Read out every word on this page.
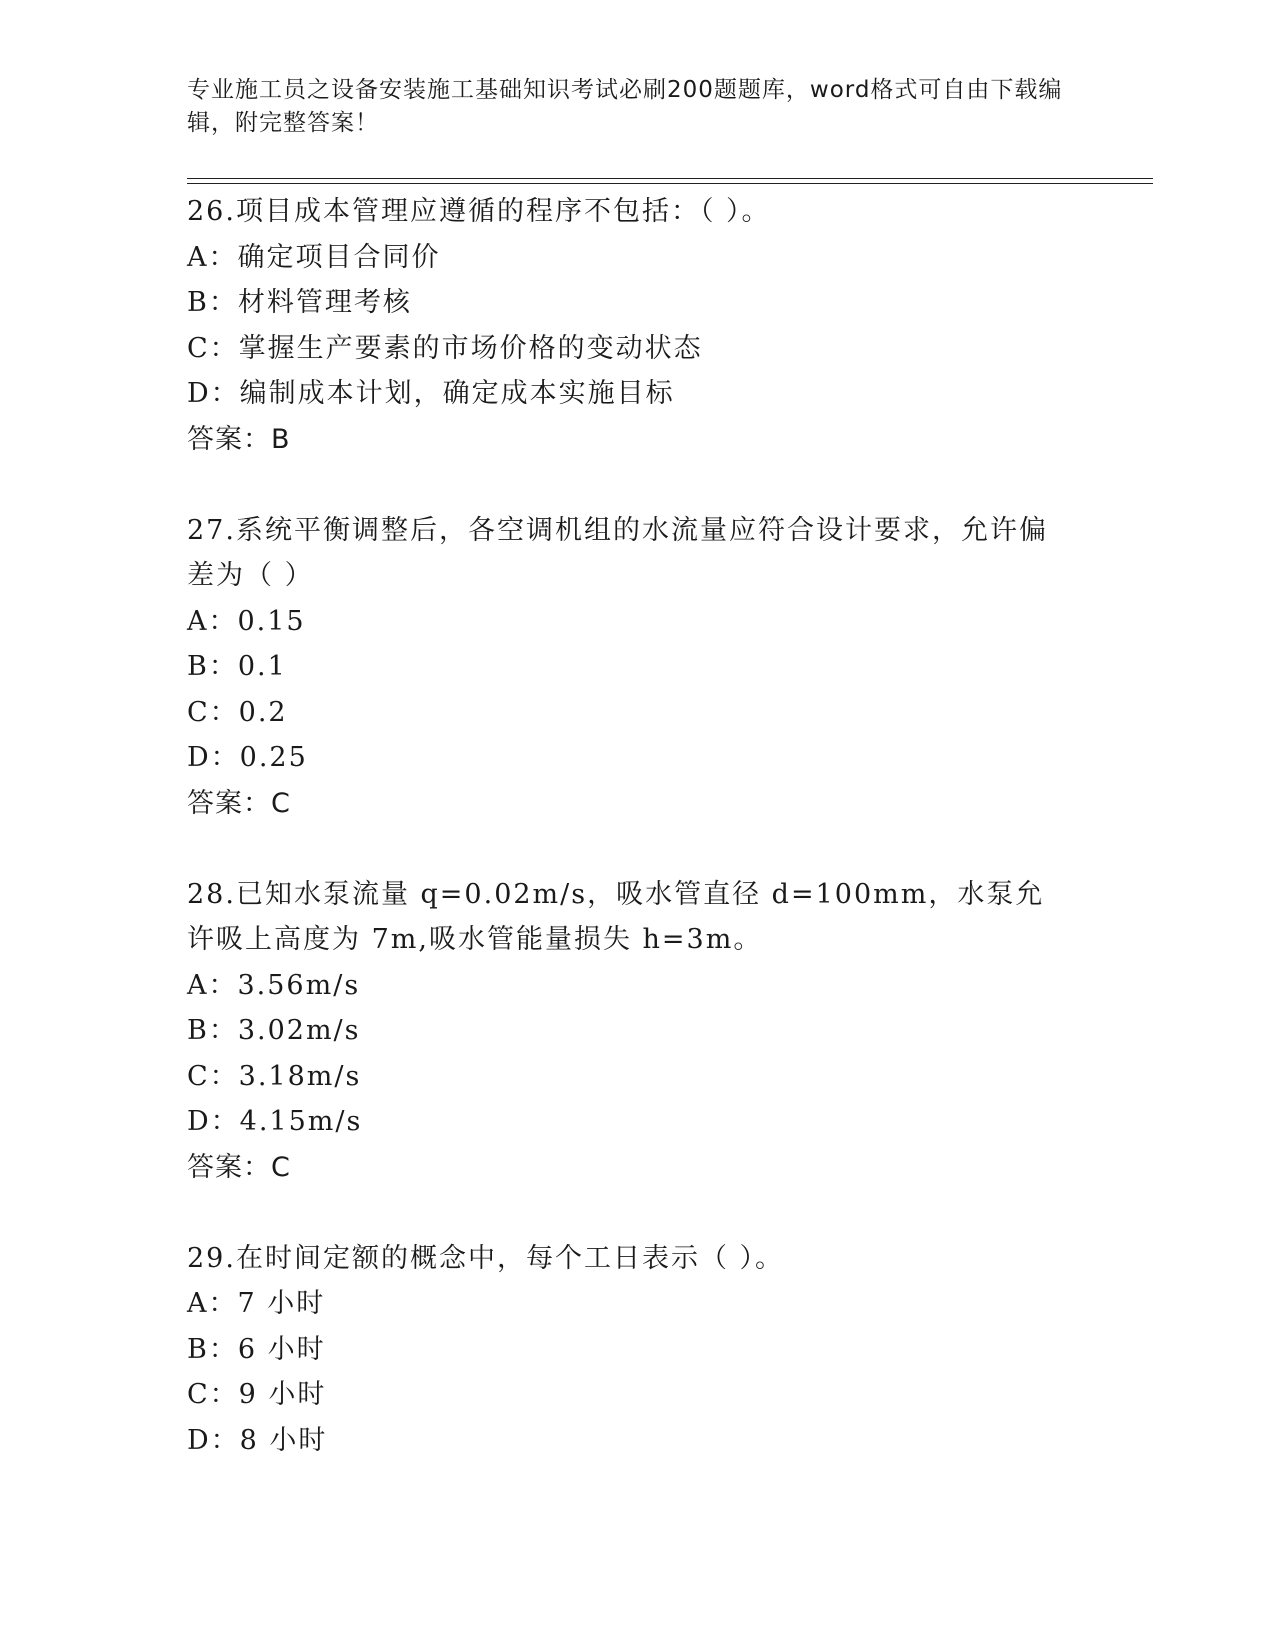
专业施工员之设备安装施工基础知识考试必刷200题题库，word格式可自由下载编辑，附完整答案！
26.项目成本管理应遵循的程序不包括：（ ）。
A：确定项目合同价
B：材料管理考核
C：掌握生产要素的市场价格的变动状态
D：编制成本计划，确定成本实施目标
答案：B
27.系统平衡调整后，各空调机组的水流量应符合设计要求，允许偏差为（ ）
A：0.15
B：0.1
C：0.2
D：0.25
答案：C
28.已知水泵流量 q=0.02m/s，吸水管直径 d=100mm，水泵允许吸上高度为 7m,吸水管能量损失 h=3m。
A：3.56m/s
B：3.02m/s
C：3.18m/s
D：4.15m/s
答案：C
29.在时间定额的概念中，每个工日表示（ ）。
A：7 小时
B：6 小时
C：9 小时
D：8 小时
